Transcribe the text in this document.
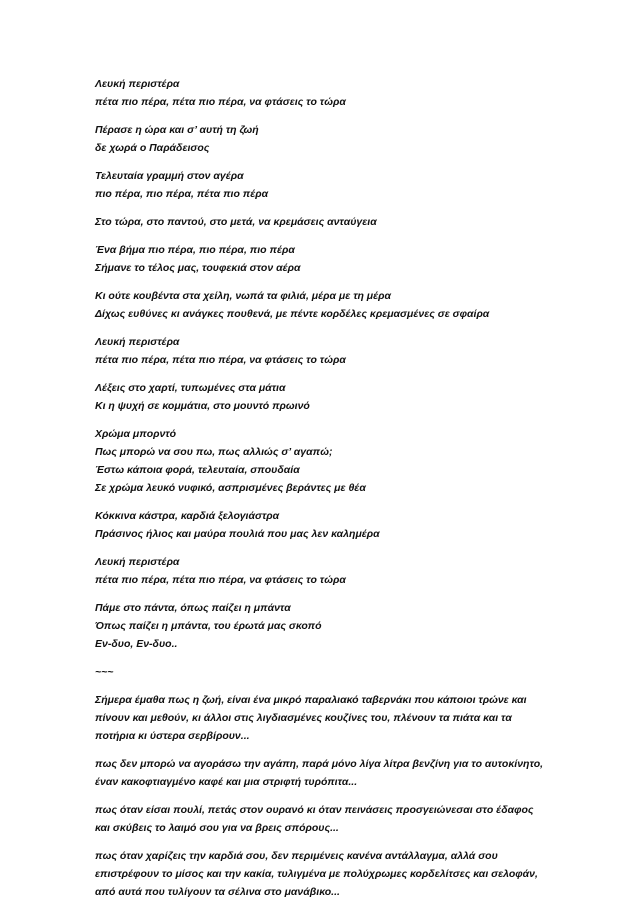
Λευκή περιστέρα
πέτα πιο πέρα, πέτα πιο πέρα, να φτάσεις το τώρα
Πέρασε η ώρα και σ’ αυτή τη ζωή
δε χωρά ο Παράδεισος
Τελευταία γραμμή στον αγέρα
πιο πέρα, πιο πέρα, πέτα πιο πέρα
Στο τώρα, στο παντού, στο μετά, να κρεμάσεις ανταύγεια
Ένα βήμα πιο πέρα, πιο πέρα, πιο πέρα
Σήμανε το τέλος μας, τουφεκιά στον αέρα
Κι ούτε κουβέντα στα χείλη, νωπά τα φιλιά, μέρα με τη μέρα
Δίχως ευθύνες κι ανάγκες πουθενά, με πέντε κορδέλες κρεμασμένες σε σφαίρα
Λευκή περιστέρα
πέτα πιο πέρα, πέτα πιο πέρα, να φτάσεις το τώρα
Λέξεις στο χαρτί, τυπωμένες στα μάτια
Κι η ψυχή σε κομμάτια, στο μουντό πρωινό
Χρώμα μπορντό
Πως μπορώ να σου πω, πως αλλιώς σ’ αγαπώ;
Έστω κάποια φορά, τελευταία, σπουδαία
Σε χρώμα λευκό νυφικό, ασπρισμένες βεράντες με θέα
Κόκκινα κάστρα, καρδιά ξελογιάστρα
Πράσινος ήλιος και μαύρα πουλιά που μας λεν καλημέρα
Λευκή περιστέρα
πέτα πιο πέρα, πέτα πιο πέρα, να φτάσεις το τώρα
Πάμε στο πάντα, όπως παίζει η μπάντα
Όπως παίζει η μπάντα, του έρωτά μας σκοπό
Εν-δυο, Εν-δυο..
~~~
Σήμερα έμαθα πως η ζωή, είναι ένα μικρό παραλιακό ταβερνάκι που κάποιοι τρώνε και
πίνουν και μεθούν, κι άλλοι στις λιγδιασμένες κουζίνες του, πλένουν τα πιάτα και τα
ποτήρια κι ύστερα σερβίρουν...
πως δεν μπορώ να αγοράσω την αγάπη, παρά μόνο λίγα λίτρα βενζίνη για το αυτοκίνητο,
έναν κακοφτιαγμένο καφέ και μια στριφτή τυρόπιτα...
πως όταν είσαι πουλί, πετάς στον ουρανό κι όταν πεινάσεις προσγειώνεσαι στο έδαφος
και σκύβεις το λαιμό σου για να βρεις σπόρους...
πως όταν χαρίζεις την καρδιά σου, δεν περιμένεις κανένα αντάλλαγμα, αλλά σου
επιστρέφουν το μίσος και την κακία, τυλιγμένα με πολύχρωμες κορδελίτσες και σελοφάν,
από αυτά που τυλίγουν τα σέλινα στο μανάβικο...
